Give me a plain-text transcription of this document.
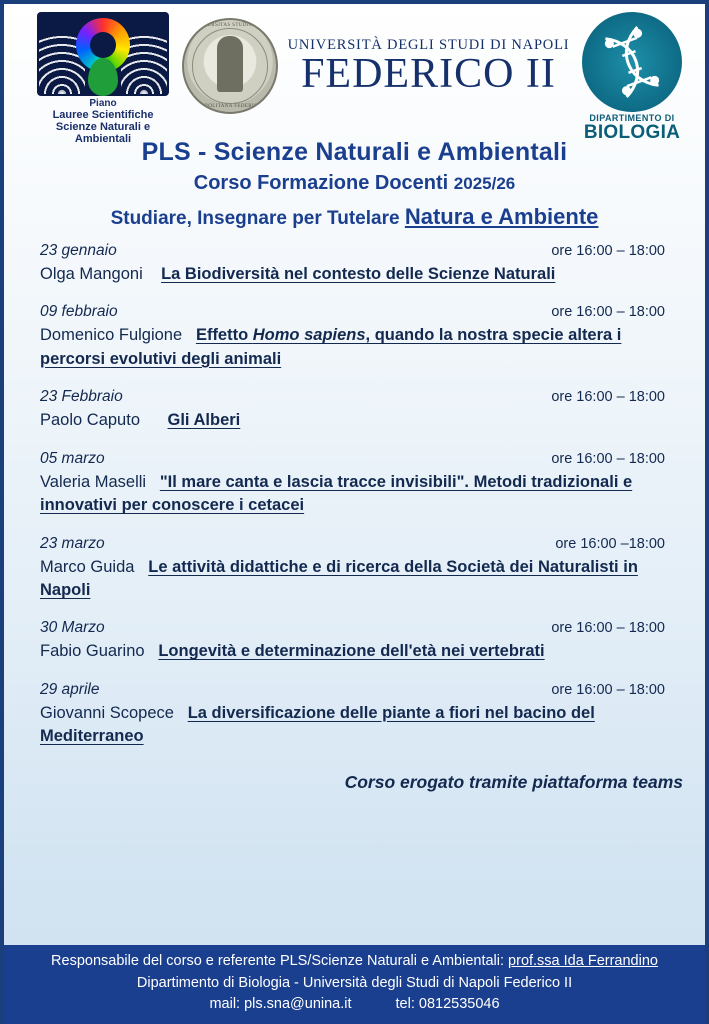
Piano
Lauree Scientifiche
Scienze Naturali e Ambientali
UNIVERSITAS STUDIORUM
NEAPOLITANA FEDERICI II
UNIVERSITÀ DEGLI STUDI DI NAPOLI
FEDERICO II
DIPARTIMENTO DI
BIOLOGIA
PLS - Scienze Naturali e Ambientali
Corso Formazione Docenti 2025/26
Studiare, Insegnare per Tutelare Natura e Ambiente
23 gennaio	ore 16:00 – 18:00
Olga Mangoni La Biodiversità nel contesto delle Scienze Naturali
09 febbraio	ore 16:00 – 18:00
Domenico Fulgione Effetto Homo sapiens, quando la nostra specie altera i percorsi evolutivi degli animali
23 Febbraio	ore 16:00 – 18:00
Paolo Caputo Gli Alberi
05 marzo	ore 16:00 – 18:00
Valeria Maselli "Il mare canta e lascia tracce invisibili". Metodi tradizionali e innovativi per conoscere i cetacei
23 marzo	ore 16:00 –18:00
Marco Guida Le attività didattiche e di ricerca della Società dei Naturalisti in Napoli
30 Marzo	ore 16:00 – 18:00
Fabio Guarino Longevità e determinazione dell'età nei vertebrati
29 aprile	ore 16:00 – 18:00
Giovanni Scopece La diversificazione delle piante a fiori nel bacino del Mediterraneo
Corso erogato tramite piattaforma teams
Responsabile del corso e referente PLS/Scienze Naturali e Ambientali: prof.ssa Ida Ferrandino
Dipartimento di Biologia - Università degli Studi di Napoli Federico II
mail: pls.sna@unina.it	tel: 0812535046
